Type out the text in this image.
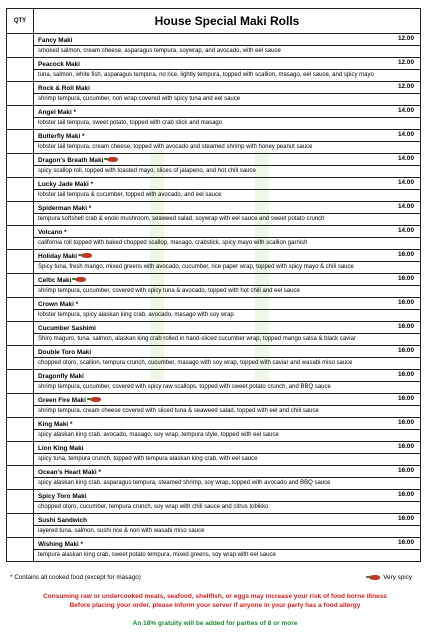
QTY	House Special Maki Rolls
	Fancy Maki 12.00

	smoked salmon, cream cheese, asparagus tempura, soywrap, and avocado, with eel sauce
	Peacock Maki 12.00

	tuna, salmon, white fish, asparagus tempura, no rice, lightly tempura, topped with scallion, masago, eel sauce, and spicy mayo
	Rock & Roll Maki 12.00

	shrimp tempura, cucumber, nori wrap covered with spicy tuna and eel sauce
	Angel Maki * 14.00

	lobster tail tempura, sweet potato, topped with crab stick and masago
	Butterfly Maki * 14.00

	lobster tail tempura, cream cheese, topped with avocado and steamed shrimp with honey peanut sauce
	Dragon's Breath Maki 14.00

	spicy scallop roll, topped with toasted mayo, slices of jalapeno, and hot chili sauce
	Lucky Jade Maki * 14.00

	lobster tail tempura & cucumber, topped with avocado, and eel sauce
	Spiderman Maki * 14.00

	tempura softshell crab & enoki mushroom, seaweed salad, soywrap with eel sauce and sweet potato crunch
	Volcano * 14.00

	california roll topped with baked chopped scallop, masago, crabstick, spicy mayo with scallion garnish
	Holiday Maki 16.00

	Spicy tuna, fresh mango, mixed greens with avocado, cucumber, rice paper wrap, topped with spicy mayo & chili sauce
	Celtic Maki 16.00

	shrimp tempura, cucumber, covered with spicy tuna & avocado, topped with hot chili and eel sauce
	Crown Maki * 16.00

	lobster tempura, spicy alaskan king crab, avocado, masago with soy wrap
	Cucumber Sashimi 16.00

	Shiro maguro, tuna, salmon, alaskan king crab rolled in hand-sliced cucumber wrap, topped mango salsa & black caviar
	Double Toro Maki 16.00

	chopped otoro, scallion, tempura crunch, cucumber, masago with soy wrap, topped with caviar and wasabi miso sauce
	Dragonfly Maki 16.00

	shrimp tempura, cucumber, covered with spicy raw scallops, topped with sweet potato crunch, and BBQ sauce
	Green Fire Maki 16.00

	shrimp tempura, cream cheese covered with sliced tuna & seaweed salad, topped with eel and chili sauce
	King Maki * 16.00

	spicy alaskan king crab, avocado, masago, soy wrap, tempura style, topped with eel sauce
	Lion King Maki 16.00

	spicy tuna, tempura crunch, topped with tempura alaskan king crab, with eel sauce
	Ocean's Heart Maki * 16.00

	spicy alaskan king crab, asparagus tempura, steamed shrimp, soy wrap, topped with avocado and BBQ sauce
	Spicy Toro Maki 16.00

	chopped otoro, cucumber, tempura crunch, soy wrap with chili sauce and citrus tobikko
	Sushi Sandwich 16.00

	layered tuna, salmon, sushi rice & nori with wasabi miso sauce
	Wishing Maki * 16.00

	tempura alaskan king crab, sweet potato tempura, mixed greens, soy wrap with eel sauce
* Contains all cooked food (except for masago)	Very spicy
Consuming raw or undercooked meats, seafood, shellfish, or eggs may increase your risk of food borne illness
Before placing your order, please inform your server if anyone in your party has a food allergy
An 18% gratuity will be added for parties of 8 or more
